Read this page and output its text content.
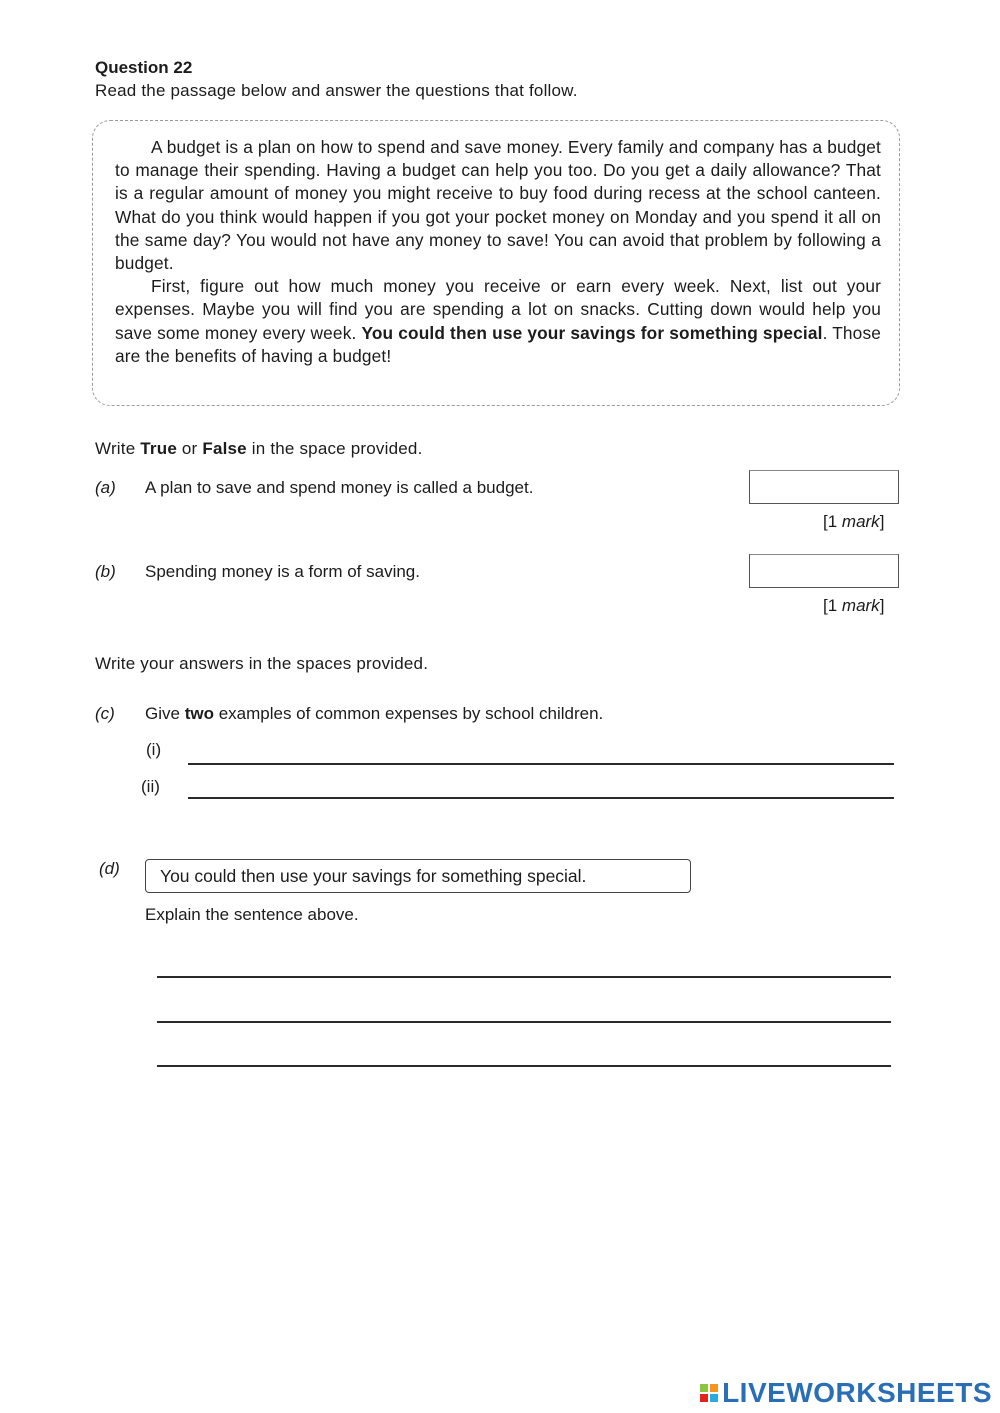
Question 22
Read the passage below and answer the questions that follow.

A budget is a plan on how to spend and save money. Every family and company has a budget to manage their spending. Having a budget can help you too. Do you get a daily allowance? That is a regular amount of money you might receive to buy food during recess at the school canteen. What do you think would happen if you got your pocket money on Monday and you spend it all on the same day? You would not have any money to save! You can avoid that problem by following a budget.

First, figure out how much money you receive or earn every week. Next, list out your expenses. Maybe you will find you are spending a lot on snacks. Cutting down would help you save some money every week. You could then use your savings for something special. Those are the benefits of having a budget!

Write True or False in the space provided.
(a) A plan to save and spend money is called a budget.
[1 mark]
(b) Spending money is a form of saving.
[1 mark]
Write your answers in the spaces provided.
(c) Give two examples of common expenses by school children.
(i)
(ii)
(d)	You could then use your savings for something special.
Explain the sentence above.
LIVEWORKSHEETS
